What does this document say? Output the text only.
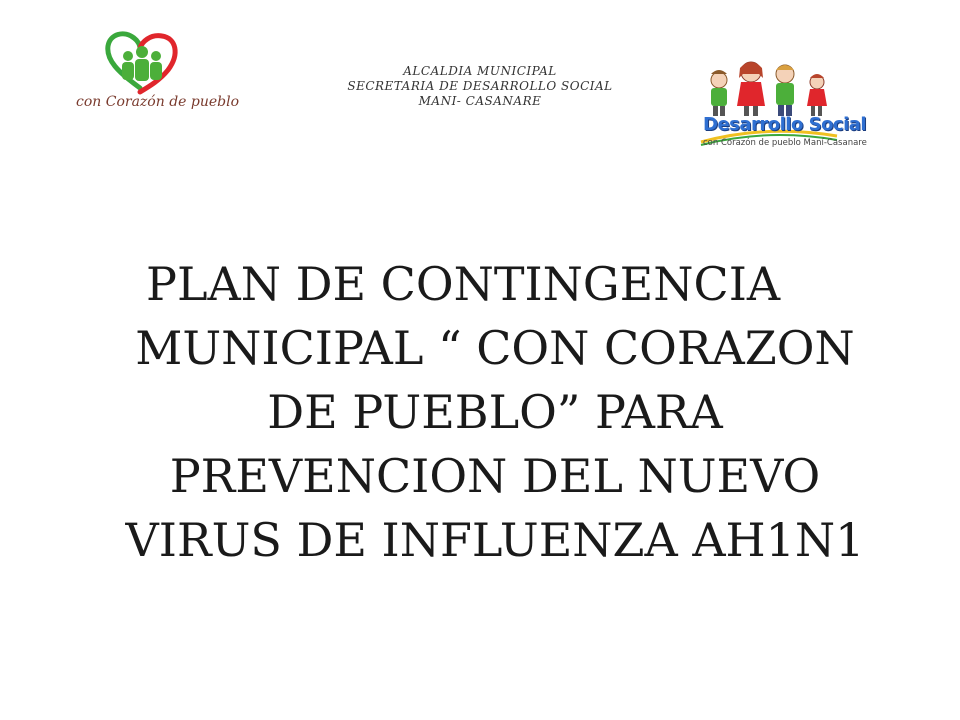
con Corazón de pueblo
ALCALDIA MUNICIPAL
SECRETARIA DE DESARROLLO SOCIAL
MANI- CASANARE
Desarrollo Social
con Corazón de pueblo Maní-Casanare
PLAN DE CONTINGENCIA
MUNICIPAL “ CON CORAZON
DE PUEBLO” PARA
PREVENCION DEL NUEVO
VIRUS DE INFLUENZA AH1N1
